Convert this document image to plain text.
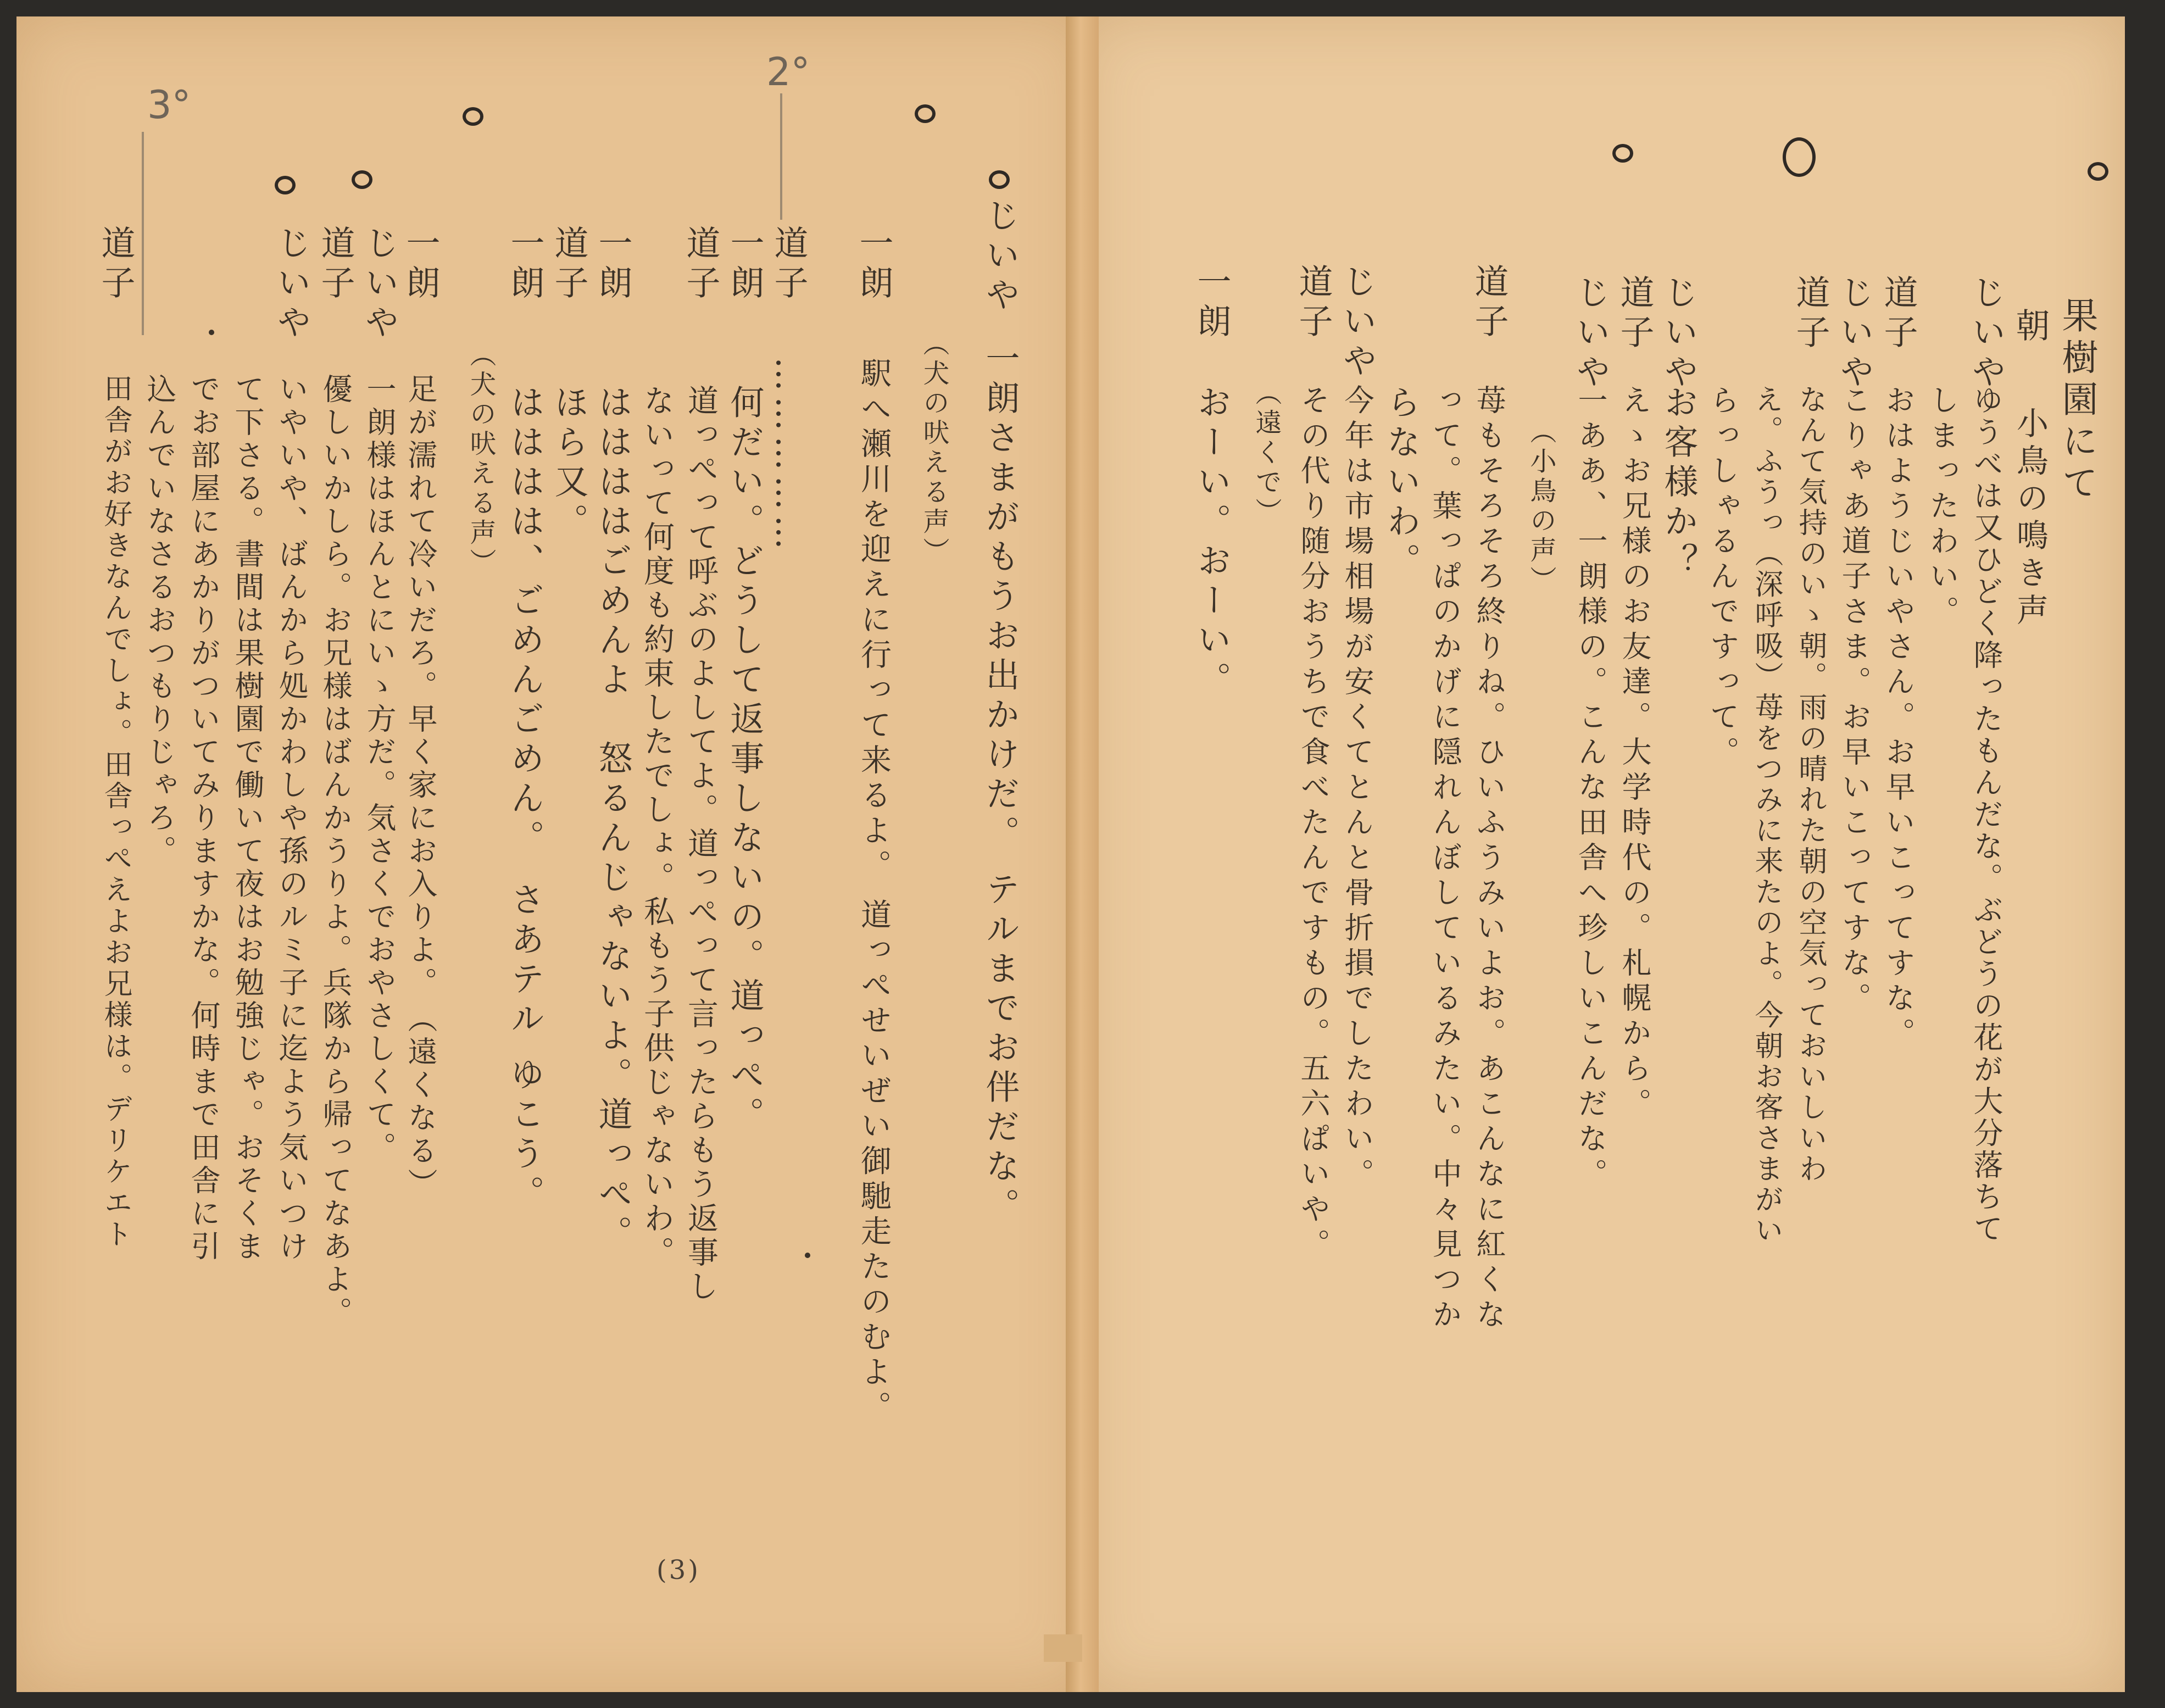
3°
2°
じいや
一朗さまがもうお出かけだ。 テルまでお伴だな。
（犬の吠える声）
一朗
駅へ瀬川を迎えに行って来るよ。 道っぺせいぜい御馳走たのむよ。
道子
……………
一朗
何だい。どうして返事しないの。道っぺ。
道子
道っぺって呼ぶのよしてよ。道っぺって言ったらもう返事し
ないって何度も約束したでしょ。私もう子供じゃないわ。
一朗
ははははごめんよ　怒るんじゃないよ。道っぺ。
道子
ほら又。
一朗
はははは、ごめんごめん。　さあテル ゆこう。
（犬の吠える声）
一朗
足が濡れて冷いだろ。早く家にお入りよ。　（遠くなる）
じいや
一朗様はほんとにいゝ方だ。気さくでおやさしくて。
道子
優しいかしら。お兄様はばんかうりよ。兵隊から帰ってなあよ。
じいや
いやいや、ばんから処かわしや孫のルミ子に迄よう気いつけ
て下さる。書間は果樹園で働いて夜はお勉強じゃ。おそくま
でお部屋にあかりがついてみりますかな。何時まで田舎に引
込んでいなさるおつもりじゃろ。
道子
田舎がお好きなんでしょ。田舎っぺえよお兄様は。デリケエト
(3)
果樹園にて
朝
小鳥の鳴き声
じいや
ゆうべは又ひどく降ったもんだな。ぶどうの花が大分落ちて
しまったわい。
道子
おはようじいやさん。お早いこってすな。
じいや
こりゃあ道子さま。お早いこってすな。
道子
なんて気持のいゝ朝。雨の晴れた朝の空気っておいしいわ
え。ふうっ（深呼吸）苺をつみに来たのよ。今朝お客さまがい
らっしゃるんですって。
じいや
お客様か？
道子
えゝお兄様のお友達。大学時代の。札幌から。
じいや
一ああ、一朗様の。こんな田舎へ珍しいこんだな。
（小鳥の声）
道子
苺もそろそろ終りね。ひいふうみいよお。あこんなに紅くな
って。葉っぱのかげに隠れんぼしているみたい。中々見つか
らないわ。
じいや
今年は市場相場が安くてとんと骨折損でしたわい。
道子
その代り随分おうちで食べたんですもの。五六ぱいや。
（遠くで）
一朗
おーい。おーい。
